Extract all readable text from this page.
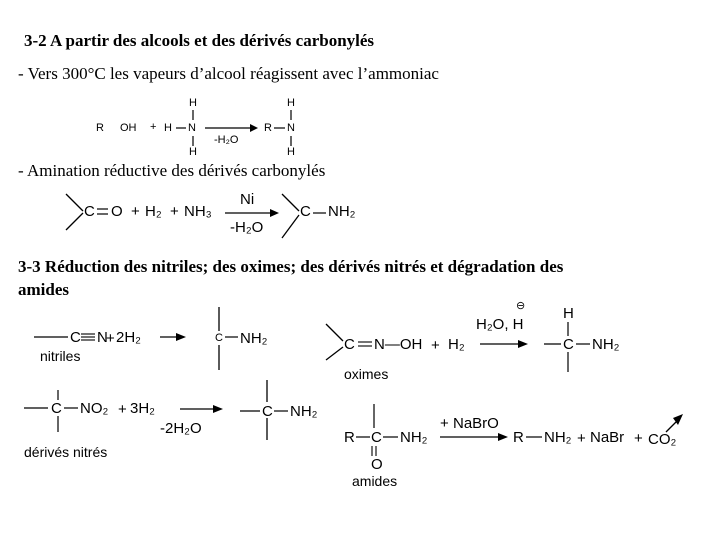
3-2 A partir des alcools et des dérivés carbonylés
- Vers 300°C les vapeurs d’alcool réagissent avec l’ammoniac
R OH + H N
H
H
-H₂O
R N
H
H
- Amination réductive des dérivés carbonylés
C O + H₂ + NH₃
Ni
-H₂O
C NH₂
3-3 Réduction des nitriles; des oximes; des dérivés nitrés et dégradation des
amides
C N
+ 2H₂
nitriles
C NH₂	C N—OH + H₂
H₂O, H
⊖
oximes
H
C NH₂
C NO₂ + 3H₂
dérivés nitrés
-2H₂O
C NH₂
R C NH₂
O
+ NaBrO
amides
R NH₂ + NaBr + CO₂
